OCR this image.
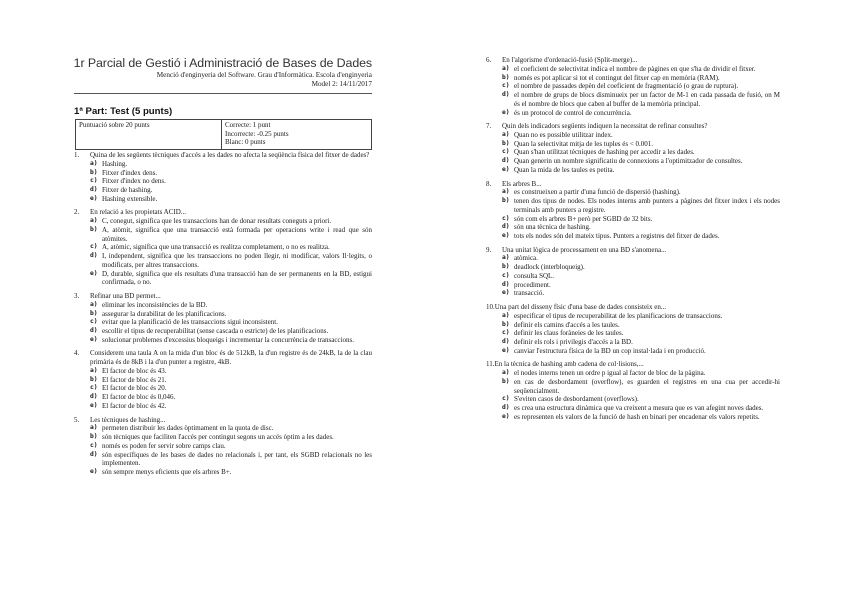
1r Parcial de Gestió i Administració de Bases de Dades
Menció d'enginyeria del Software. Grau d'Informàtica. Escola d'enginyeria
Model 2: 14/11/2017
1ª Part: Test (5 punts)
Puntuació sobre 20 punts	Correcte: 1 punt
Incorrecte: -0.25 punts
Blanc: 0 punts
1. Quina de les següents tècniques d'accés a les dades no afecta la seqüència física del fitxer de dades?
a) Hashing.
b) Fitxer d'index dens.
c) Fitxer d'index no dens.
d) Fitxer de hashing.
e) Hashing extensible.
2. En relació a les propietats ACID...
a) C, conegut, significa que les transaccions han de donar resultats coneguts a priori.
b) A, atòmit, significa que una transacció està formada per operacions write i read que són atòmites.
c) A, atòmic, significa que una transacció es realitza completament, o no es realitza.
d) I, independent, significa que les transaccions no poden llegir, ni modificar, valors Il·legits, o modificats, per altres transaccions.
e) D, durable, significa que els resultats d'una transacció han de ser permanents en la BD, estigui confirmada, o no.
3. Refinar una BD permet...
a) eliminar les inconsistències de la BD.
b) assegurar la durabilitat de les planificacions.
c) evitar que la planificació de les transaccions sigui inconsistent.
d) escollir el tipus de recuperabilitat (sense cascada o estricte) de les planificacions.
e) solucionar problemes d'excessius bloqueigs i incrementar la concurrència de transaccions.
4. Considerem una taula A on la mida d'un bloc és de 512kB, la d'un registre és de 24kB, la de la clau primària és de 8kB i la d'un punter a registre, 4kB.
a) El factor de bloc és 43.
b) El factor de bloc és 21.
c) El factor de bloc és 20.
d) El factor de bloc és 0,046.
e) El factor de bloc és 42.
5. Les tècniques de hashing...
a) permeten distribuir les dades òptimament en la quota de disc.
b) són tècniques que faciliten l'accés per contingut segons un accés òptim a les dades.
c) només es poden fer servir sobre camps clau.
d) són específiques de les bases de dades no relacionals i, per tant, els SGBD relacionals no les implementen.
e) són sempre menys eficients que els arbres B+.
6. En l'algorisme d'ordenació-fusió (Split-merge)...
a) el coeficient de selectivitat indica el nombre de pàgines en que s'ha de dividir el fitxer.
b) només es pot aplicar si tot el contingut del fitxer cap en memòria (RAM).
c) el nombre de passades depèn del coeficient de fragmentació (o grau de ruptura).
d) el nombre de grups de blocs disminueix per un factor de M-1 en cada passada de fusió, on M és el nombre de blocs que caben al buffer de la memòria principal.
e) és un protocol de control de concurrència.
7. Quin dels indicadors següents indiquen la necessitat de refinar consultes?
a) Quan no es possible utilitzar index.
b) Quan la selectivitat mitja de les tuples és < 0.001.
c) Quan s'han utilitzat tècniques de hashing per accedir a les dades.
d) Quan generin un nombre significatiu de connexions a l'optimitzador de consultes.
e) Quan la mida de les taules es petita.
8. Els arbres B...
a) es construeixen a partir d'una funció de dispersió (hashing).
b) tenen dos tipus de nodes. Els nodes interns amb punters a pàgines del fitxer index i els nodes terminals amb punters a registre.
c) són com els arbres B+ però per SGBD de 32 bits.
d) són una tècnica de hashing.
e) tots els nodes són del mateix tipus. Punters a registres del fitxer de dades.
9. Una unitat lògica de processament en una BD s'anomena...
a) atòmica.
b) deadlock (interbloqueig).
c) consulta SQL.
d) procediment.
e) transacció.
10.Una part del disseny físic d'una base de dades consisteix en...
a) especificar el tipus de recuperabilitat de les planificacions de transaccions.
b) definir els camins d'accés a les taules.
c) definir les claus foràneies de les taules.
d) definir els rols i privilegis d'accés a la BD.
e) canviar l'estructura física de la BD un cop instal·lada i en producció.
11.En la tècnica de hashing amb cadena de col·lisions,...
a) el nodes interns tenen un ordre p igual al factor de bloc de la pàgina.
b) en cas de desbordament (overflow), es guarden el registres en una cua per accedir-hi seqüencialment.
c) S'eviten casos de desbordament (overflows).
d) es crea una estructura dinàmica que va creixent a mesura que es van afegint noves dades.
e) es representen els valors de la funció de hash en binari per encadenar els valors repetits.
